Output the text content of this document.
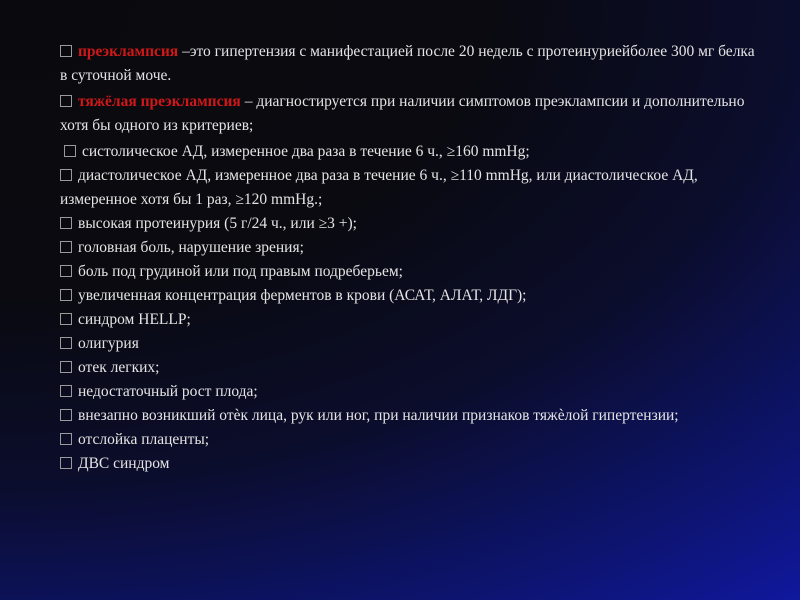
преэклампсия –это гипертензия с манифестацией после 20 недель с протеинуриейболее 300 мг белка в суточной моче.

тяжёлая преэклампсия – диагностируется при наличии симптомов преэклампсии и дополнительно хотя бы одного из критериев;

систолическое АД, измеренное два раза в течение 6 ч., ≥160 mmHg;

диастолическое АД, измеренное два раза в течение 6 ч., ≥110 mmHg, или диастолическое АД, измеренное хотя бы 1 раз, ≥120 mmHg.;

высокая протеинурия (5 г/24 ч., или ≥3 +);

головная боль, нарушение зрения;

боль под грудиной или под правым подреберьем;

увеличенная концентрация ферментов в крови (АСАТ, АЛАТ, ЛДГ);

синдром HELLP;

олигурия

отек легких;

недостаточный рост плода;

внезапно возникший отѐк лица, рук или ног, при наличии признаков тяжѐлой гипертензии;

отслойка плаценты;

ДВС синдром
